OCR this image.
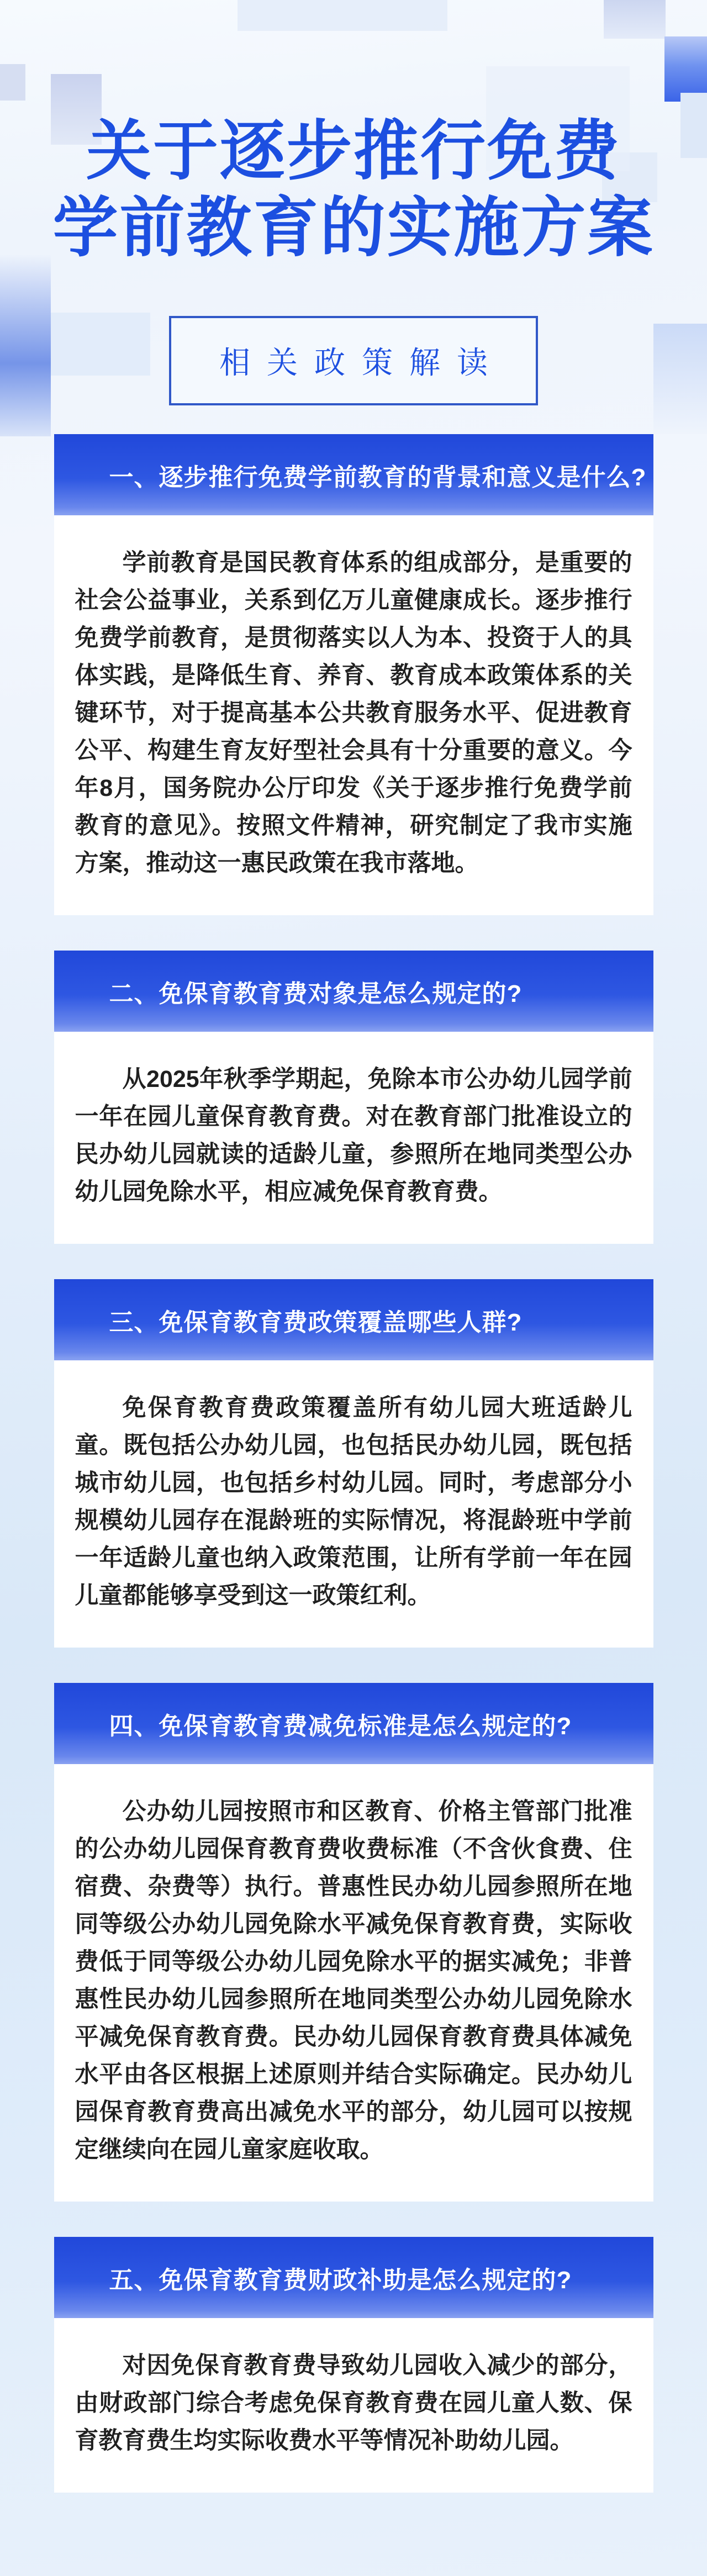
关于逐步推行免费
学前教育的实施方案
相关政策解读
一、逐步推行免费学前教育的背景和意义是什么?

学前教育是国民教育体系的组成部分，是重要的社会公益事业，关系到亿万儿童健康成长。逐步推行免费学前教育，是贯彻落实以人为本、投资于人的具体实践，是降低生育、养育、教育成本政策体系的关键环节，对于提高基本公共教育服务水平、促进教育公平、构建生育友好型社会具有十分重要的意义。今年8月，国务院办公厅印发《关于逐步推行免费学前教育的意见》。按照文件精神，研究制定了我市实施方案，推动这一惠民政策在我市落地。

二、免保育教育费对象是怎么规定的?

从2025年秋季学期起，免除本市公办幼儿园学前一年在园儿童保育教育费。对在教育部门批准设立的民办幼儿园就读的适龄儿童，参照所在地同类型公办幼儿园免除水平，相应减免保育教育费。

三、免保育教育费政策覆盖哪些人群?

免保育教育费政策覆盖所有幼儿园大班适龄儿童。既包括公办幼儿园，也包括民办幼儿园，既包括城市幼儿园，也包括乡村幼儿园。同时，考虑部分小规模幼儿园存在混龄班的实际情况，将混龄班中学前一年适龄儿童也纳入政策范围，让所有学前一年在园儿童都能够享受到这一政策红利。

四、免保育教育费减免标准是怎么规定的?

公办幼儿园按照市和区教育、价格主管部门批准的公办幼儿园保育教育费收费标准（不含伙食费、住宿费、杂费等）执行。普惠性民办幼儿园参照所在地同等级公办幼儿园免除水平减免保育教育费，实际收费低于同等级公办幼儿园免除水平的据实减免；非普惠性民办幼儿园参照所在地同类型公办幼儿园免除水平减免保育教育费。民办幼儿园保育教育费具体减免水平由各区根据上述原则并结合实际确定。民办幼儿园保育教育费高出减免水平的部分，幼儿园可以按规定继续向在园儿童家庭收取。

五、免保育教育费财政补助是怎么规定的?

对因免保育教育费导致幼儿园收入减少的部分，由财政部门综合考虑免保育教育费在园儿童人数、保育教育费生均实际收费水平等情况补助幼儿园。
